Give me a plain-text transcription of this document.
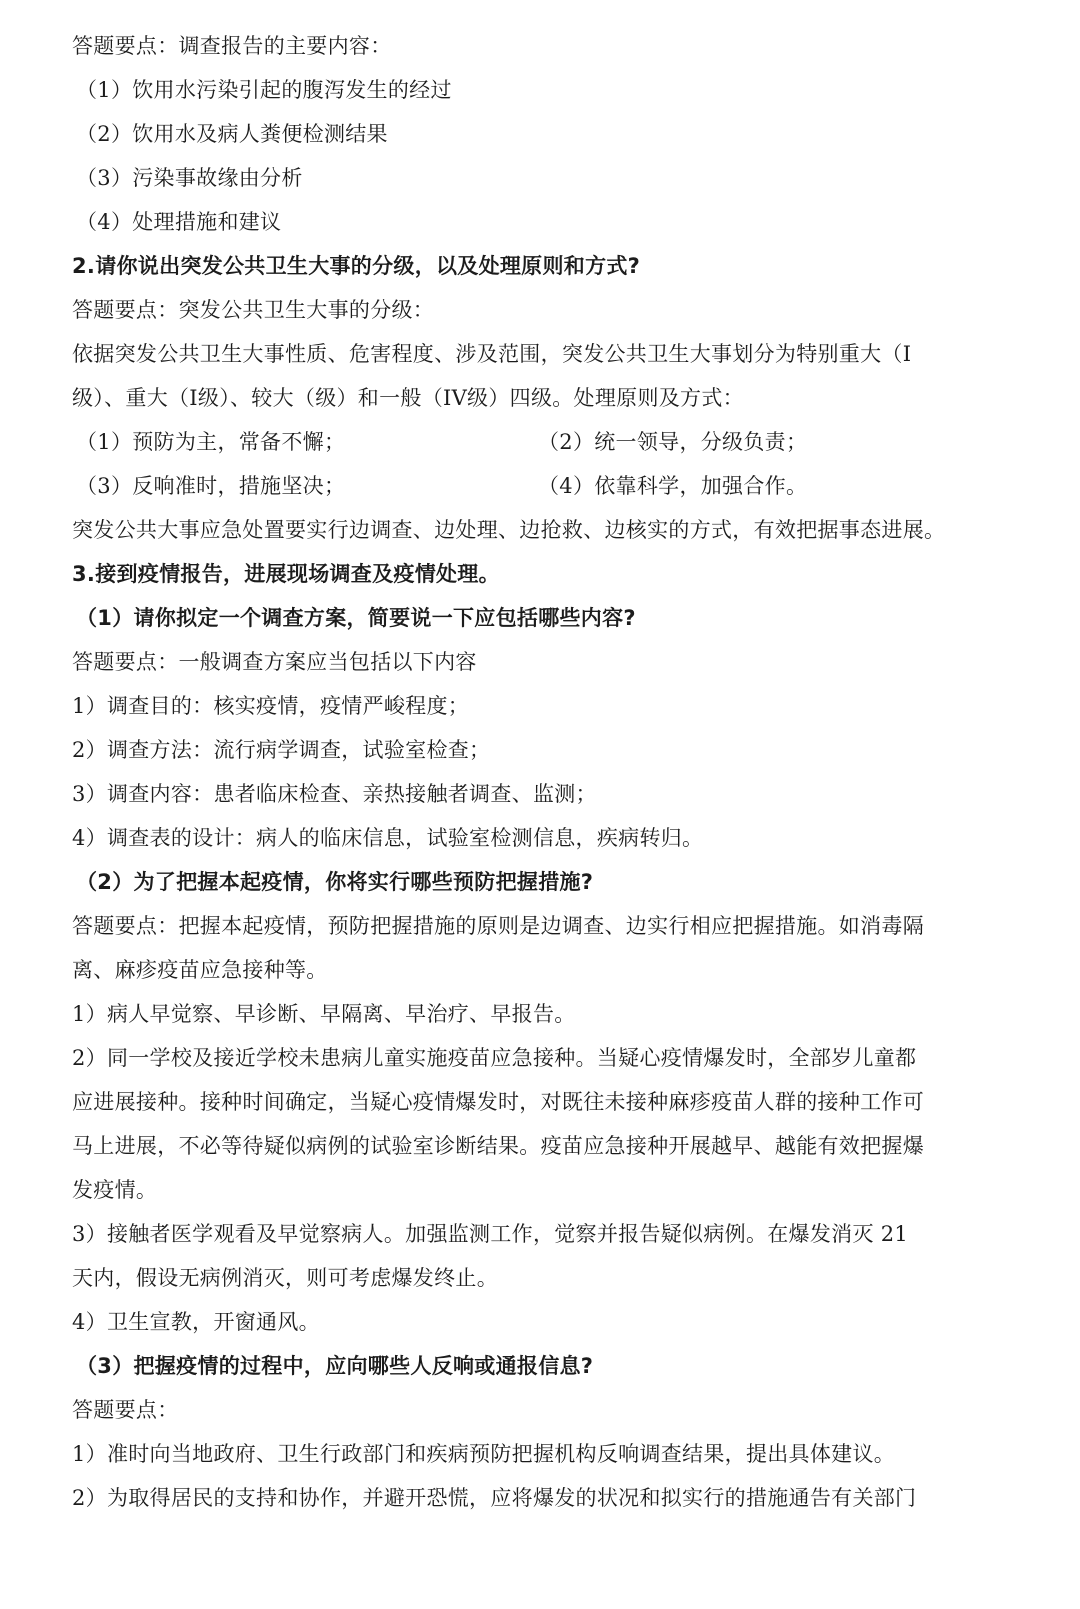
答题要点：调查报告的主要内容：
（1）饮用水污染引起的腹泻发生的经过
（2）饮用水及病人粪便检测结果
（3）污染事故缘由分析
（4）处理措施和建议
2.请你说出突发公共卫生大事的分级，以及处理原则和方式?
答题要点：突发公共卫生大事的分级：
依据突发公共卫生大事性质、危害程度、涉及范围，突发公共卫生大事划分为特别重大（I
级）、重大（I级）、较大（级）和一般（IV级）四级。处理原则及方式：
（1）预防为主，常备不懈；	（2）统一领导，分级负责；
（3）反响准时，措施坚决；	（4）依靠科学，加强合作。
突发公共大事应急处置要实行边调查、边处理、边抢救、边核实的方式，有效把据事态进展。
3.接到疫情报告，进展现场调查及疫情处理。
（1）请你拟定一个调查方案，简要说一下应包括哪些内容?
答题要点：一般调查方案应当包括以下内容
1）调查目的：核实疫情，疫情严峻程度；
2）调查方法：流行病学调查，试验室检查；
3）调查内容：患者临床检查、亲热接触者调查、监测；
4）调查表的设计：病人的临床信息，试验室检测信息，疾病转归。
（2）为了把握本起疫情，你将实行哪些预防把握措施?
答题要点：把握本起疫情，预防把握措施的原则是边调查、边实行相应把握措施。如消毒隔
离、麻疹疫苗应急接种等。
1）病人早觉察、早诊断、早隔离、早治疗、早报告。
2）同一学校及接近学校未患病儿童实施疫苗应急接种。当疑心疫情爆发时，全部岁儿童都
应进展接种。接种时间确定，当疑心疫情爆发时，对既往未接种麻疹疫苗人群的接种工作可
马上进展，不必等待疑似病例的试验室诊断结果。疫苗应急接种开展越早、越能有效把握爆
发疫情。
3）接触者医学观看及早觉察病人。加强监测工作，觉察并报告疑似病例。在爆发消灭 21
天内，假设无病例消灭，则可考虑爆发终止。
4）卫生宣教，开窗通风。
（3）把握疫情的过程中，应向哪些人反响或通报信息?
答题要点：
1）准时向当地政府、卫生行政部门和疾病预防把握机构反响调查结果，提出具体建议。
2）为取得居民的支持和协作，并避开恐慌，应将爆发的状况和拟实行的措施通告有关部门
